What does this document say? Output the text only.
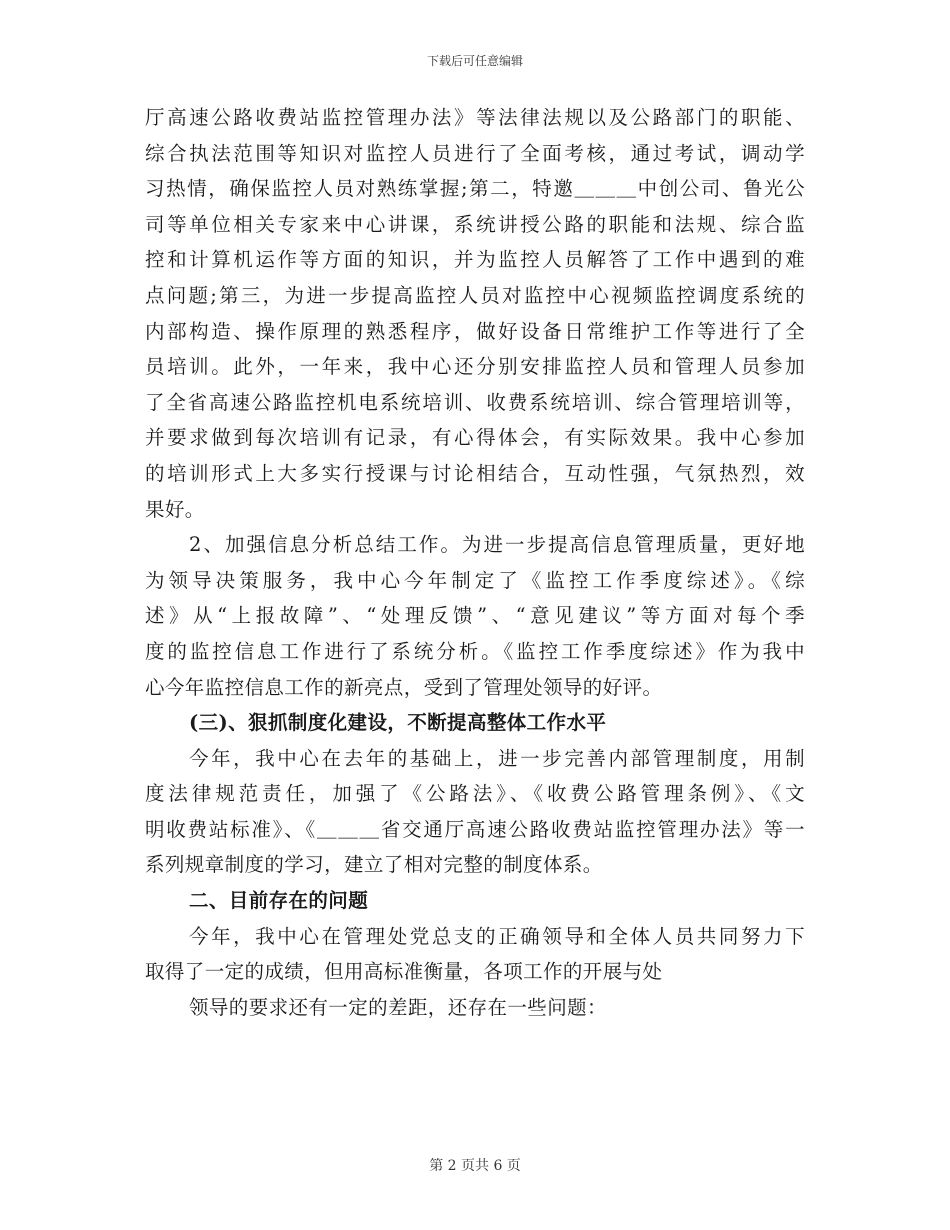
下载后可任意编辑
厅高速公路收费站监控管理办法》等法律法规以及公路部门的职能、
综合执法范围等知识对监控人员进行了全面考核，通过考试，调动学
习热情，确保监控人员对熟练掌握;第二，特邀＿＿＿中创公司、鲁光公
司等单位相关专家来中心讲课，系统讲授公路的职能和法规、综合监
控和计算机运作等方面的知识，并为监控人员解答了工作中遇到的难
点问题;第三，为进一步提高监控人员对监控中心视频监控调度系统的
内部构造、操作原理的熟悉程序，做好设备日常维护工作等进行了全
员培训。此外，一年来，我中心还分别安排监控人员和管理人员参加
了全省高速公路监控机电系统培训、收费系统培训、综合管理培训等，
并要求做到每次培训有记录，有心得体会，有实际效果。我中心参加
的培训形式上大多实行授课与讨论相结合，互动性强，气氛热烈，效
果好。
2、加强信息分析总结工作。为进一步提高信息管理质量，更好地
为领导决策服务，我中心今年制定了《监控工作季度综述》。《综
述》从“上报故障”、“处理反馈”、“意见建议”等方面对每个季
度的监控信息工作进行了系统分析。《监控工作季度综述》作为我中
心今年监控信息工作的新亮点，受到了管理处领导的好评。
(三)、狠抓制度化建设，不断提高整体工作水平
今年，我中心在去年的基础上，进一步完善内部管理制度，用制
度法律规范责任，加强了《公路法》、《收费公路管理条例》、《文
明收费站标准》、《＿＿＿省交通厅高速公路收费站监控管理办法》等一
系列规章制度的学习，建立了相对完整的制度体系。
二、目前存在的问题
今年，我中心在管理处党总支的正确领导和全体人员共同努力下
取得了一定的成绩，但用高标准衡量，各项工作的开展与处
领导的要求还有一定的差距，还存在一些问题：
第 2 页共 6 页
